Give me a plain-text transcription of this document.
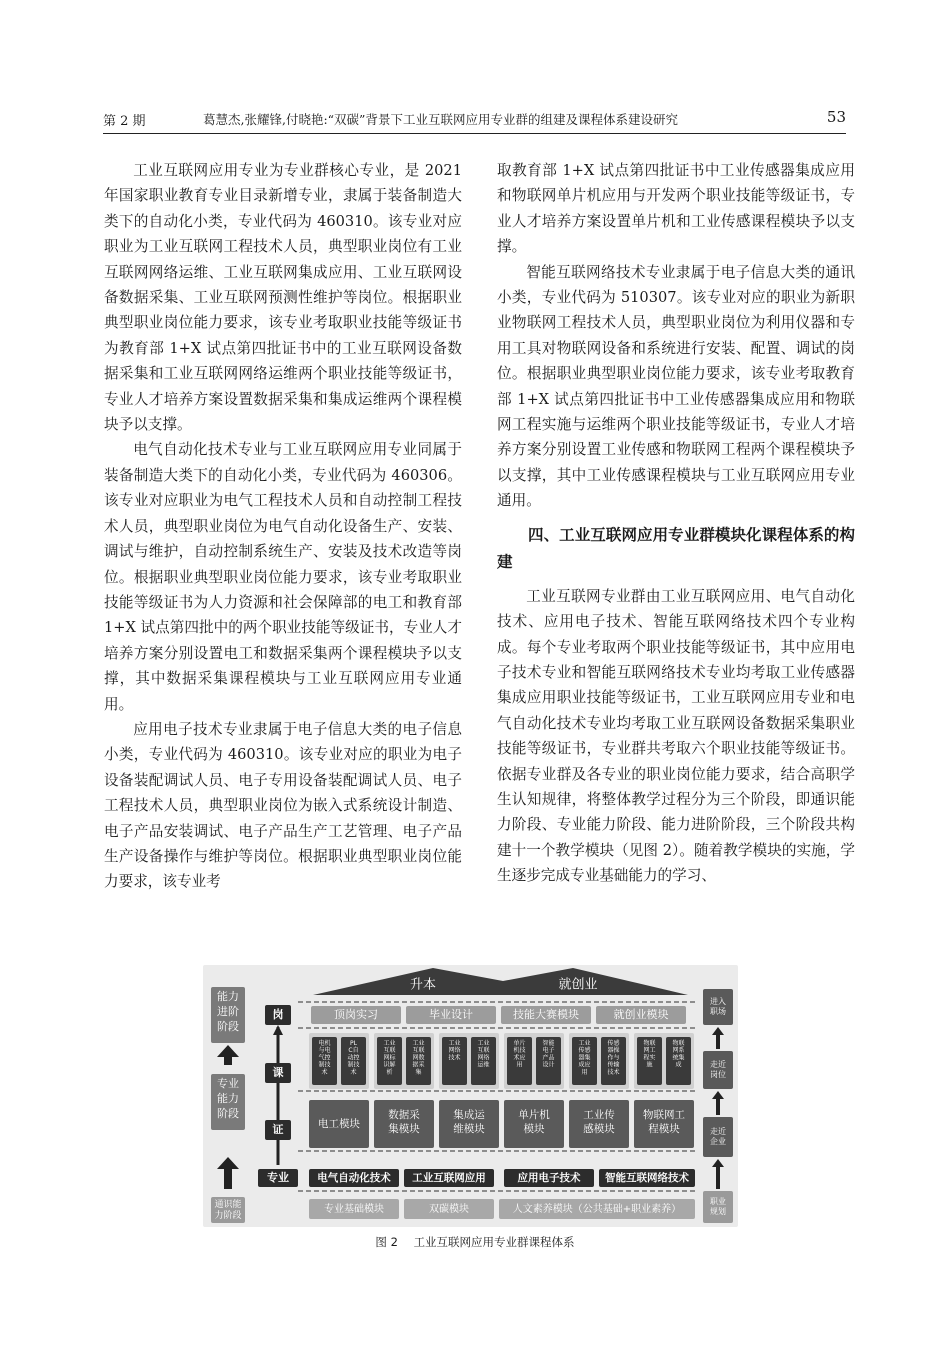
第 2 期	葛慧杰,张耀锋,付晓艳:“双碳”背景下工业互联网应用专业群的组建及课程体系建设研究	53

工业互联网应用专业为专业群核心专业，是 2021 年国家职业教育专业目录新增专业，隶属于装备制造大类下的自动化小类，专业代码为 460310。该专业对应职业为工业互联网工程技术人员，典型职业岗位有工业互联网网络运维、工业互联网集成应用、工业互联网设备数据采集、工业互联网预测性维护等岗位。根据职业典型职业岗位能力要求，该专业考取职业技能等级证书为教育部 1+X 试点第四批证书中的工业互联网设备数据采集和工业互联网网络运维两个职业技能等级证书，专业人才培养方案设置数据采集和集成运维两个课程模块予以支撑。

电气自动化技术专业与工业互联网应用专业同属于装备制造大类下的自动化小类，专业代码为 460306。该专业对应职业为电气工程技术人员和自动控制工程技术人员，典型职业岗位为电气自动化设备生产、安装、调试与维护，自动控制系统生产、安装及技术改造等岗位。根据职业典型职业岗位能力要求，该专业考取职业技能等级证书为人力资源和社会保障部的电工和教育部 1+X 试点第四批中的两个职业技能等级证书，专业人才培养方案分别设置电工和数据采集两个课程模块予以支撑，其中数据采集课程模块与工业互联网应用专业通用。

应用电子技术专业隶属于电子信息大类的电子信息小类，专业代码为 460310。该专业对应的职业为电子设备装配调试人员、电子专用设备装配调试人员、电子工程技术人员，典型职业岗位为嵌入式系统设计制造、电子产品安装调试、电子产品生产工艺管理、电子产品生产设备操作与维护等岗位。根据职业典型职业岗位能力要求，该专业考

取教育部 1+X 试点第四批证书中工业传感器集成应用和物联网单片机应用与开发两个职业技能等级证书，专业人才培养方案设置单片机和工业传感课程模块予以支撑。

智能互联网络技术专业隶属于电子信息大类的通讯小类，专业代码为 510307。该专业对应的职业为新职业物联网工程技术人员，典型职业岗位为利用仪器和专用工具对物联网设备和系统进行安装、配置、调试的岗位。根据职业典型职业岗位能力要求，该专业考取教育部 1+X 试点第四批证书中工业传感器集成应用和物联网工程实施与运维两个职业技能等级证书，专业人才培养方案分别设置工业传感和物联网工程两个课程模块予以支撑，其中工业传感课程模块与工业互联网应用专业通用。

四、工业互联网应用专业群模块化课程体系的构建

工业互联网专业群由工业互联网应用、电气自动化技术、应用电子技术、智能互联网络技术四个专业构成。每个专业考取两个职业技能等级证书，其中应用电子技术专业和智能互联网络技术专业均考取工业传感器集成应用职业技能等级证书，工业互联网应用专业和电气自动化技术专业均考取工业互联网设备数据采集职业技能等级证书，专业群共考取六个职业技能等级证书。依据专业群及各专业的职业岗位能力要求，结合高职学生认知规律，将整体教学过程分为三个阶段，即通识能力阶段、专业能力阶段、能力进阶阶段，三个阶段共构建十一个教学模块（见图 2）。随着教学模块的实施，学生逐步完成专业基础能力的学习、

升本	就创业
能力进阶阶段
专业能力阶段
通识能力阶段
岗
课
证
专业
顶岗实习	毕业设计	技能大赛模块	就创业模块
电机与电气控制技术
PL C自动控制技术
工业互联网标识解析
工业互联网数据采集
工业网络技术
工业互联网络运维
单片机技术应用
智能电子产品设计
工业传感器集成应用
传感器操作与传输技术
物联网工程实施
物联网系统集成
电工模块
数据采集模块
集成运维模块
单片机模块
工业传感模块
物联网工程模块
电气自动化技术 工业互联网应用	应用电子技术 智能互联网络技术
专业基础模块	双碳模块	人文素养模块（公共基础+职业素养）
进入职场
走近岗位
走近企业
职业规划
图 2 工业互联网应用专业群课程体系
